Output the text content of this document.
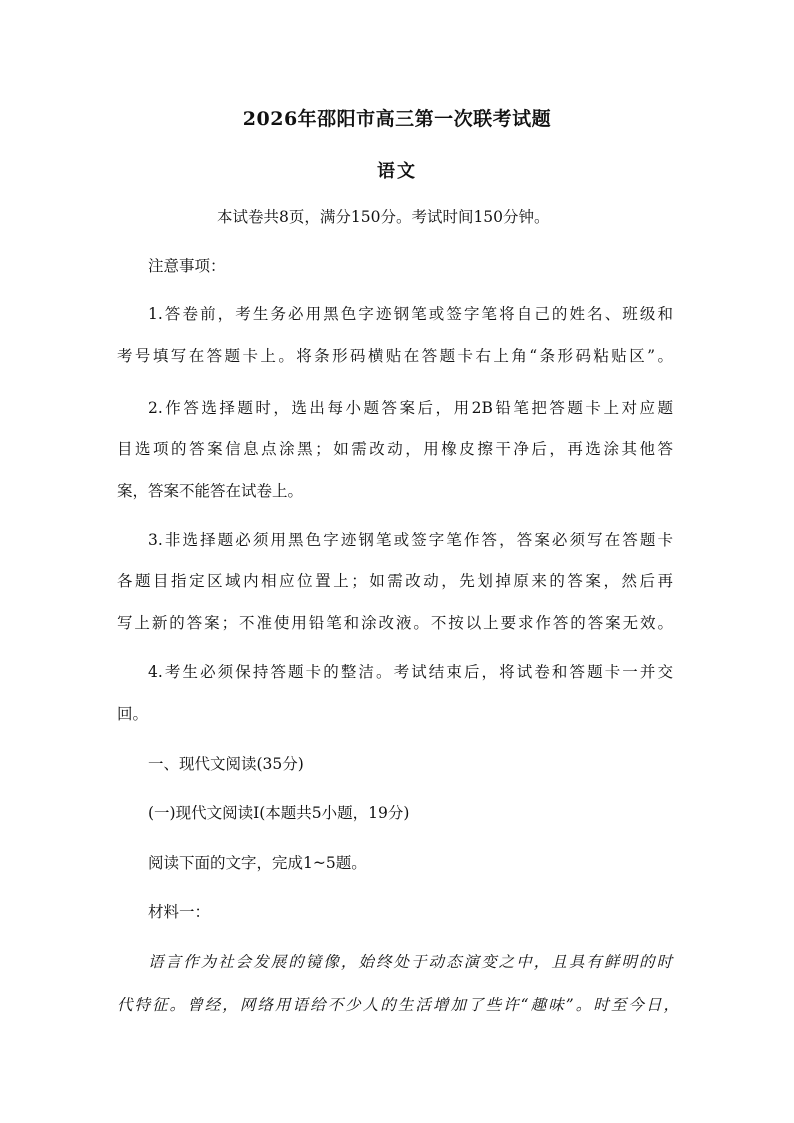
2026年邵阳市高三第一次联考试题
语文
本试卷共8页，满分150分。考试时间150分钟。
注意事项：
1.答卷前，考生务必用黑色字迹钢笔或签字笔将自己的姓名、班级和
考号填写在答题卡上。将条形码横贴在答题卡右上角“条形码粘贴区”。
2.作答选择题时，选出每小题答案后，用2B铅笔把答题卡上对应题
目选项的答案信息点涂黑；如需改动，用橡皮擦干净后，再选涂其他答
案，答案不能答在试卷上。
3.非选择题必须用黑色字迹钢笔或签字笔作答，答案必须写在答题卡
各题目指定区域内相应位置上；如需改动，先划掉原来的答案，然后再
写上新的答案；不准使用铅笔和涂改液。不按以上要求作答的答案无效。
4.考生必须保持答题卡的整洁。考试结束后，将试卷和答题卡一并交
回。
一、现代文阅读(35分)
(一)现代文阅读Ⅰ(本题共5小题，19分)
阅读下面的文字，完成1~5题。
材料一：
语言作为社会发展的镜像，始终处于动态演变之中，且具有鲜明的时
代特征。曾经，网络用语给不少人的生活增加了些许“趣味”。时至今日，
